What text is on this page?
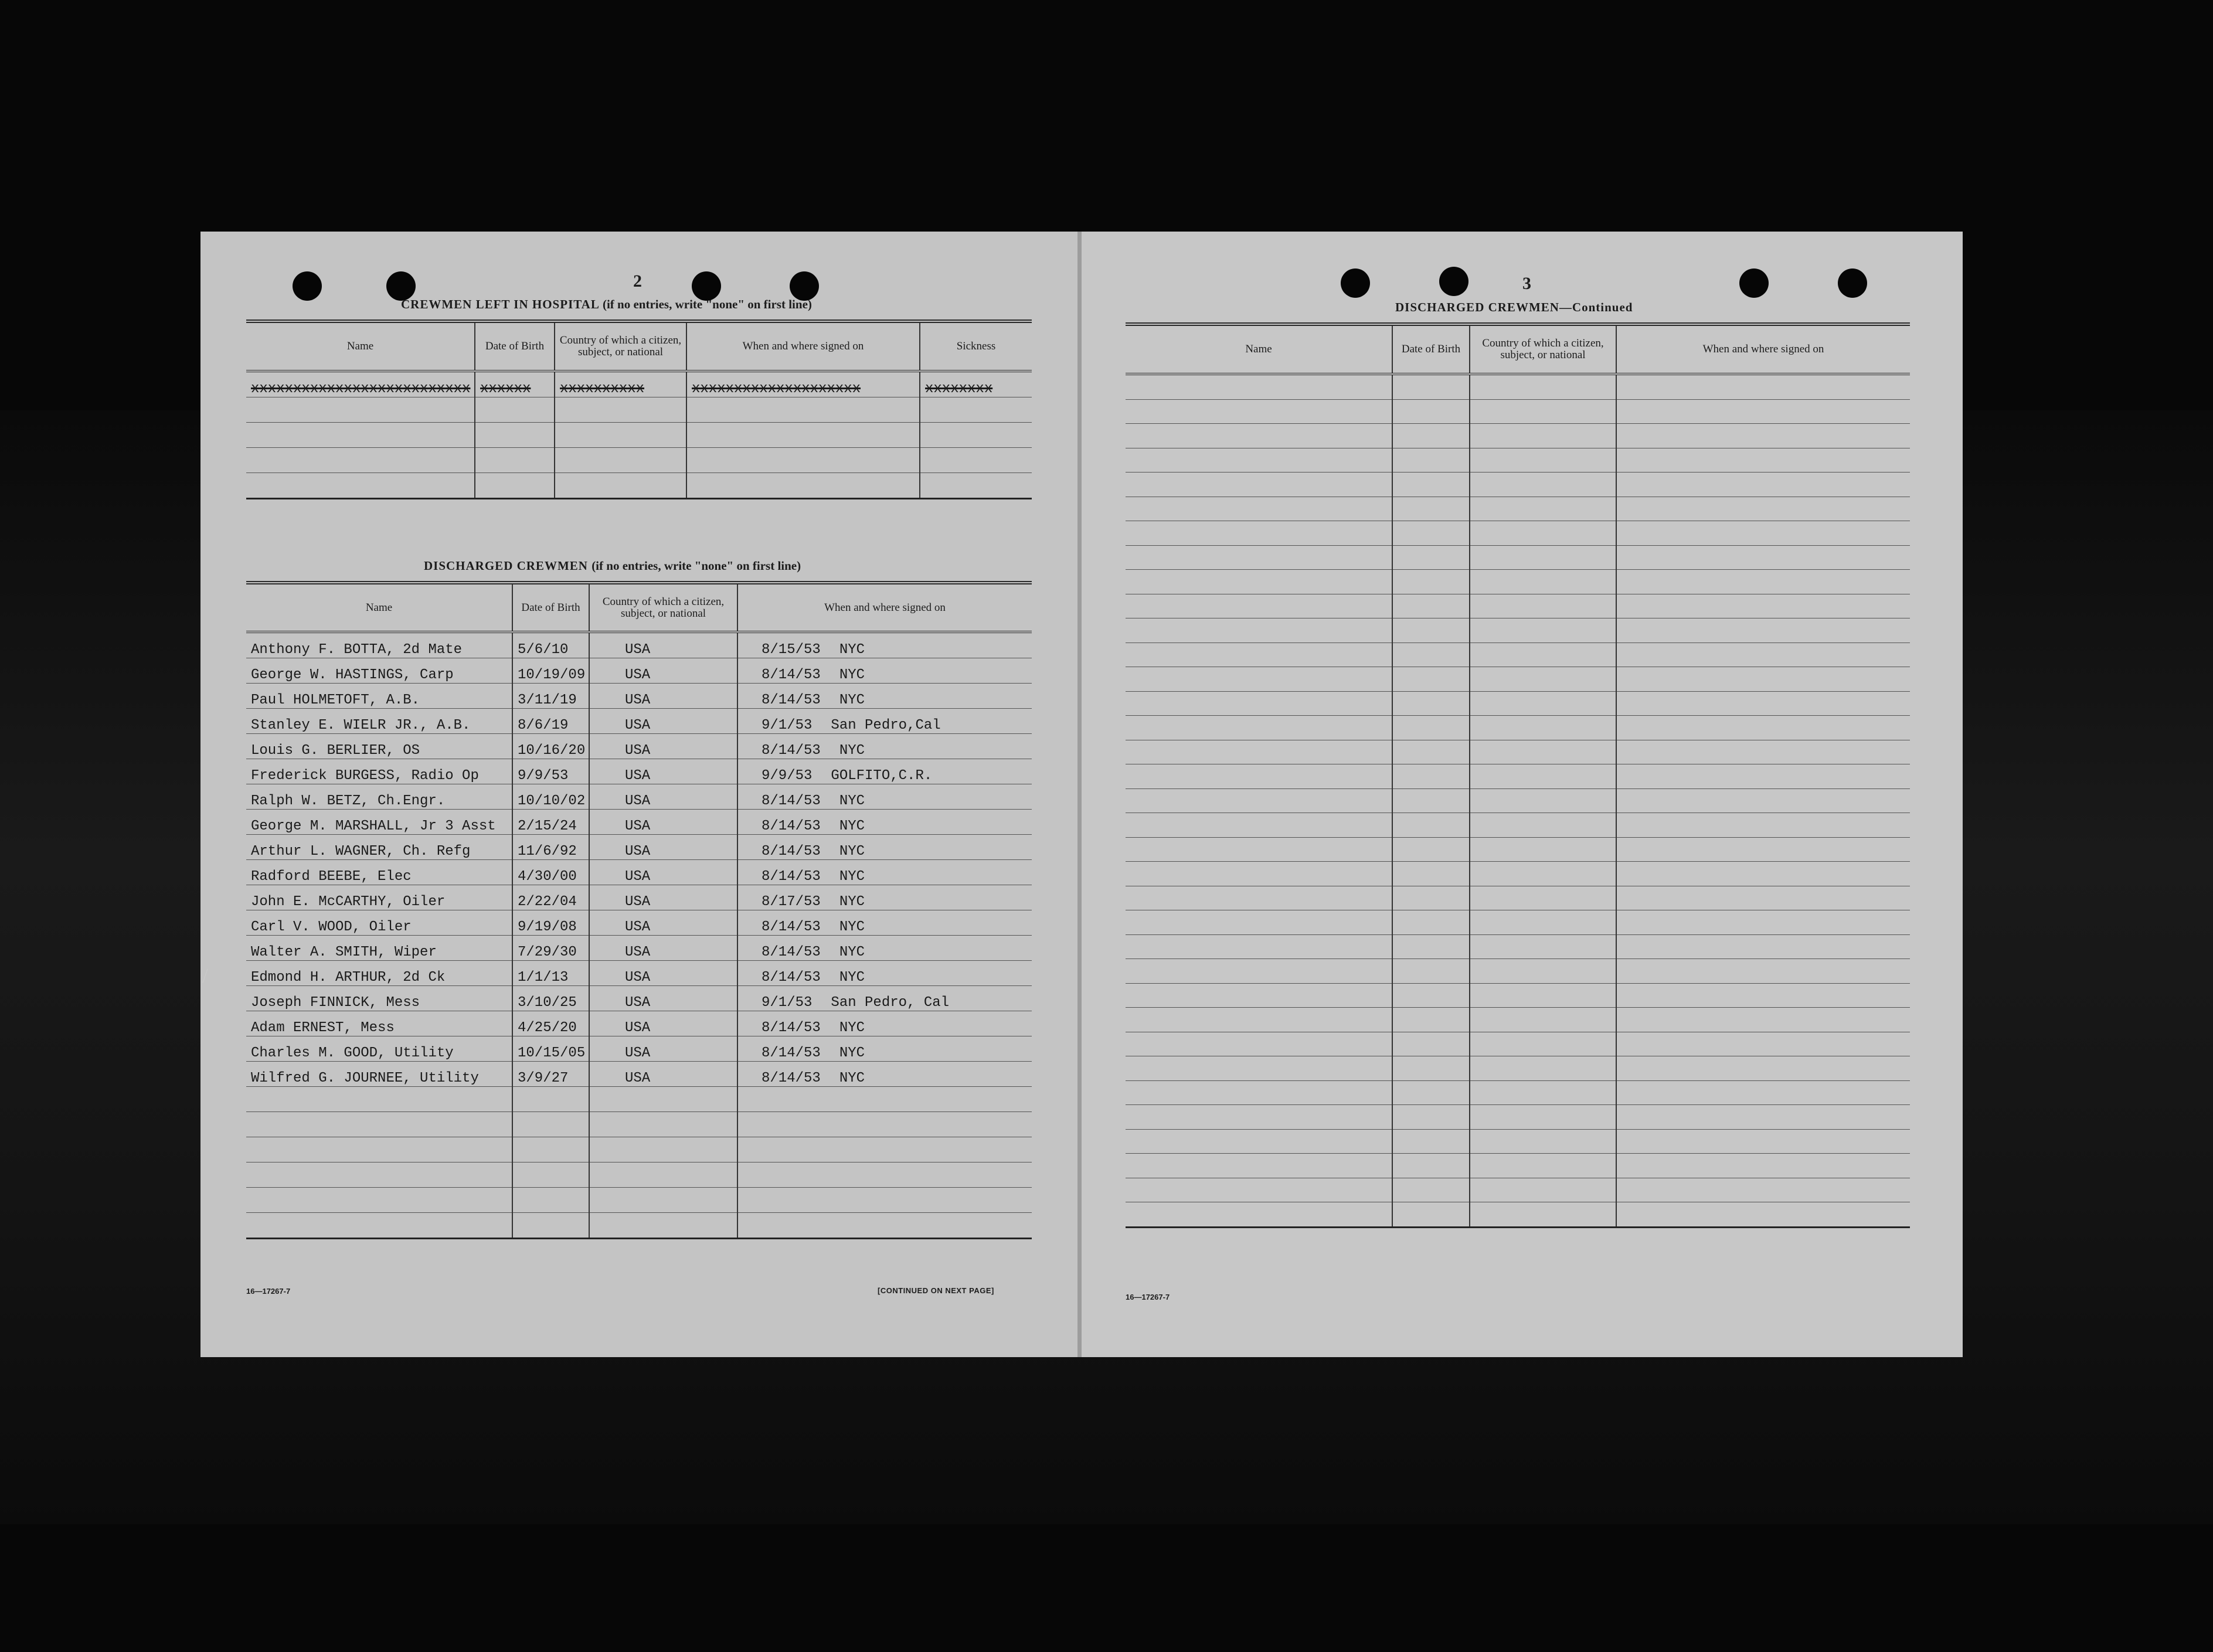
2
CREWMEN LEFT IN HOSPITAL (if no entries, write "none" on first line)
Name	Date of Birth	Country of which a citizen, subject, or national	When and where signed on	Sickness
xxxxxxxxxxxxxxxxxxxxxxxxxx	xxxxxx	xxxxxxxxxx	xxxxxxxxxxxxxxxxxxxx	xxxxxxxx

DISCHARGED CREWMEN (if no entries, write "none" on first line)
Name	Date of Birth	Country of which a citizen, subject, or national	When and where signed on
Anthony F. BOTTA, 2d Mate	5/6/10	USA	8/15/53 NYC
George W. HASTINGS, Carp	10/19/09	USA	8/14/53 NYC
Paul HOLMETOFT, A.B.	3/11/19	USA	8/14/53 NYC
Stanley E. WIELR JR., A.B.	8/6/19	USA	9/1/53 San Pedro,Cal
Louis G. BERLIER, OS	10/16/20	USA	8/14/53 NYC
Frederick BURGESS, Radio Op	9/9/53	USA	9/9/53 GOLFITO,C.R.
Ralph W. BETZ, Ch.Engr.	10/10/02	USA	8/14/53 NYC
George M. MARSHALL, Jr 3 Asst	2/15/24	USA	8/14/53 NYC
Arthur L. WAGNER, Ch. Refg	11/6/92	USA	8/14/53 NYC
Radford BEEBE, Elec	4/30/00	USA	8/14/53 NYC
John E. McCARTHY, Oiler	2/22/04	USA	8/17/53 NYC
Carl V. WOOD, Oiler	9/19/08	USA	8/14/53 NYC
Walter A. SMITH, Wiper	7/29/30	USA	8/14/53 NYC
Edmond H. ARTHUR, 2d Ck	1/1/13	USA	8/14/53 NYC
Joseph FINNICK, Mess	3/10/25	USA	9/1/53 San Pedro, Cal
Adam ERNEST, Mess	4/25/20	USA	8/14/53 NYC
Charles M. GOOD, Utility	10/15/05	USA	8/14/53 NYC
Wilfred G. JOURNEE, Utility	3/9/27	USA	8/14/53 NYC

16—17267-7	[CONTINUED ON NEXT PAGE]
3
DISCHARGED CREWMEN—Continued
Name	Date of Birth	Country of which a citizen, subject, or national	When and where signed on

16—17267-7
/
